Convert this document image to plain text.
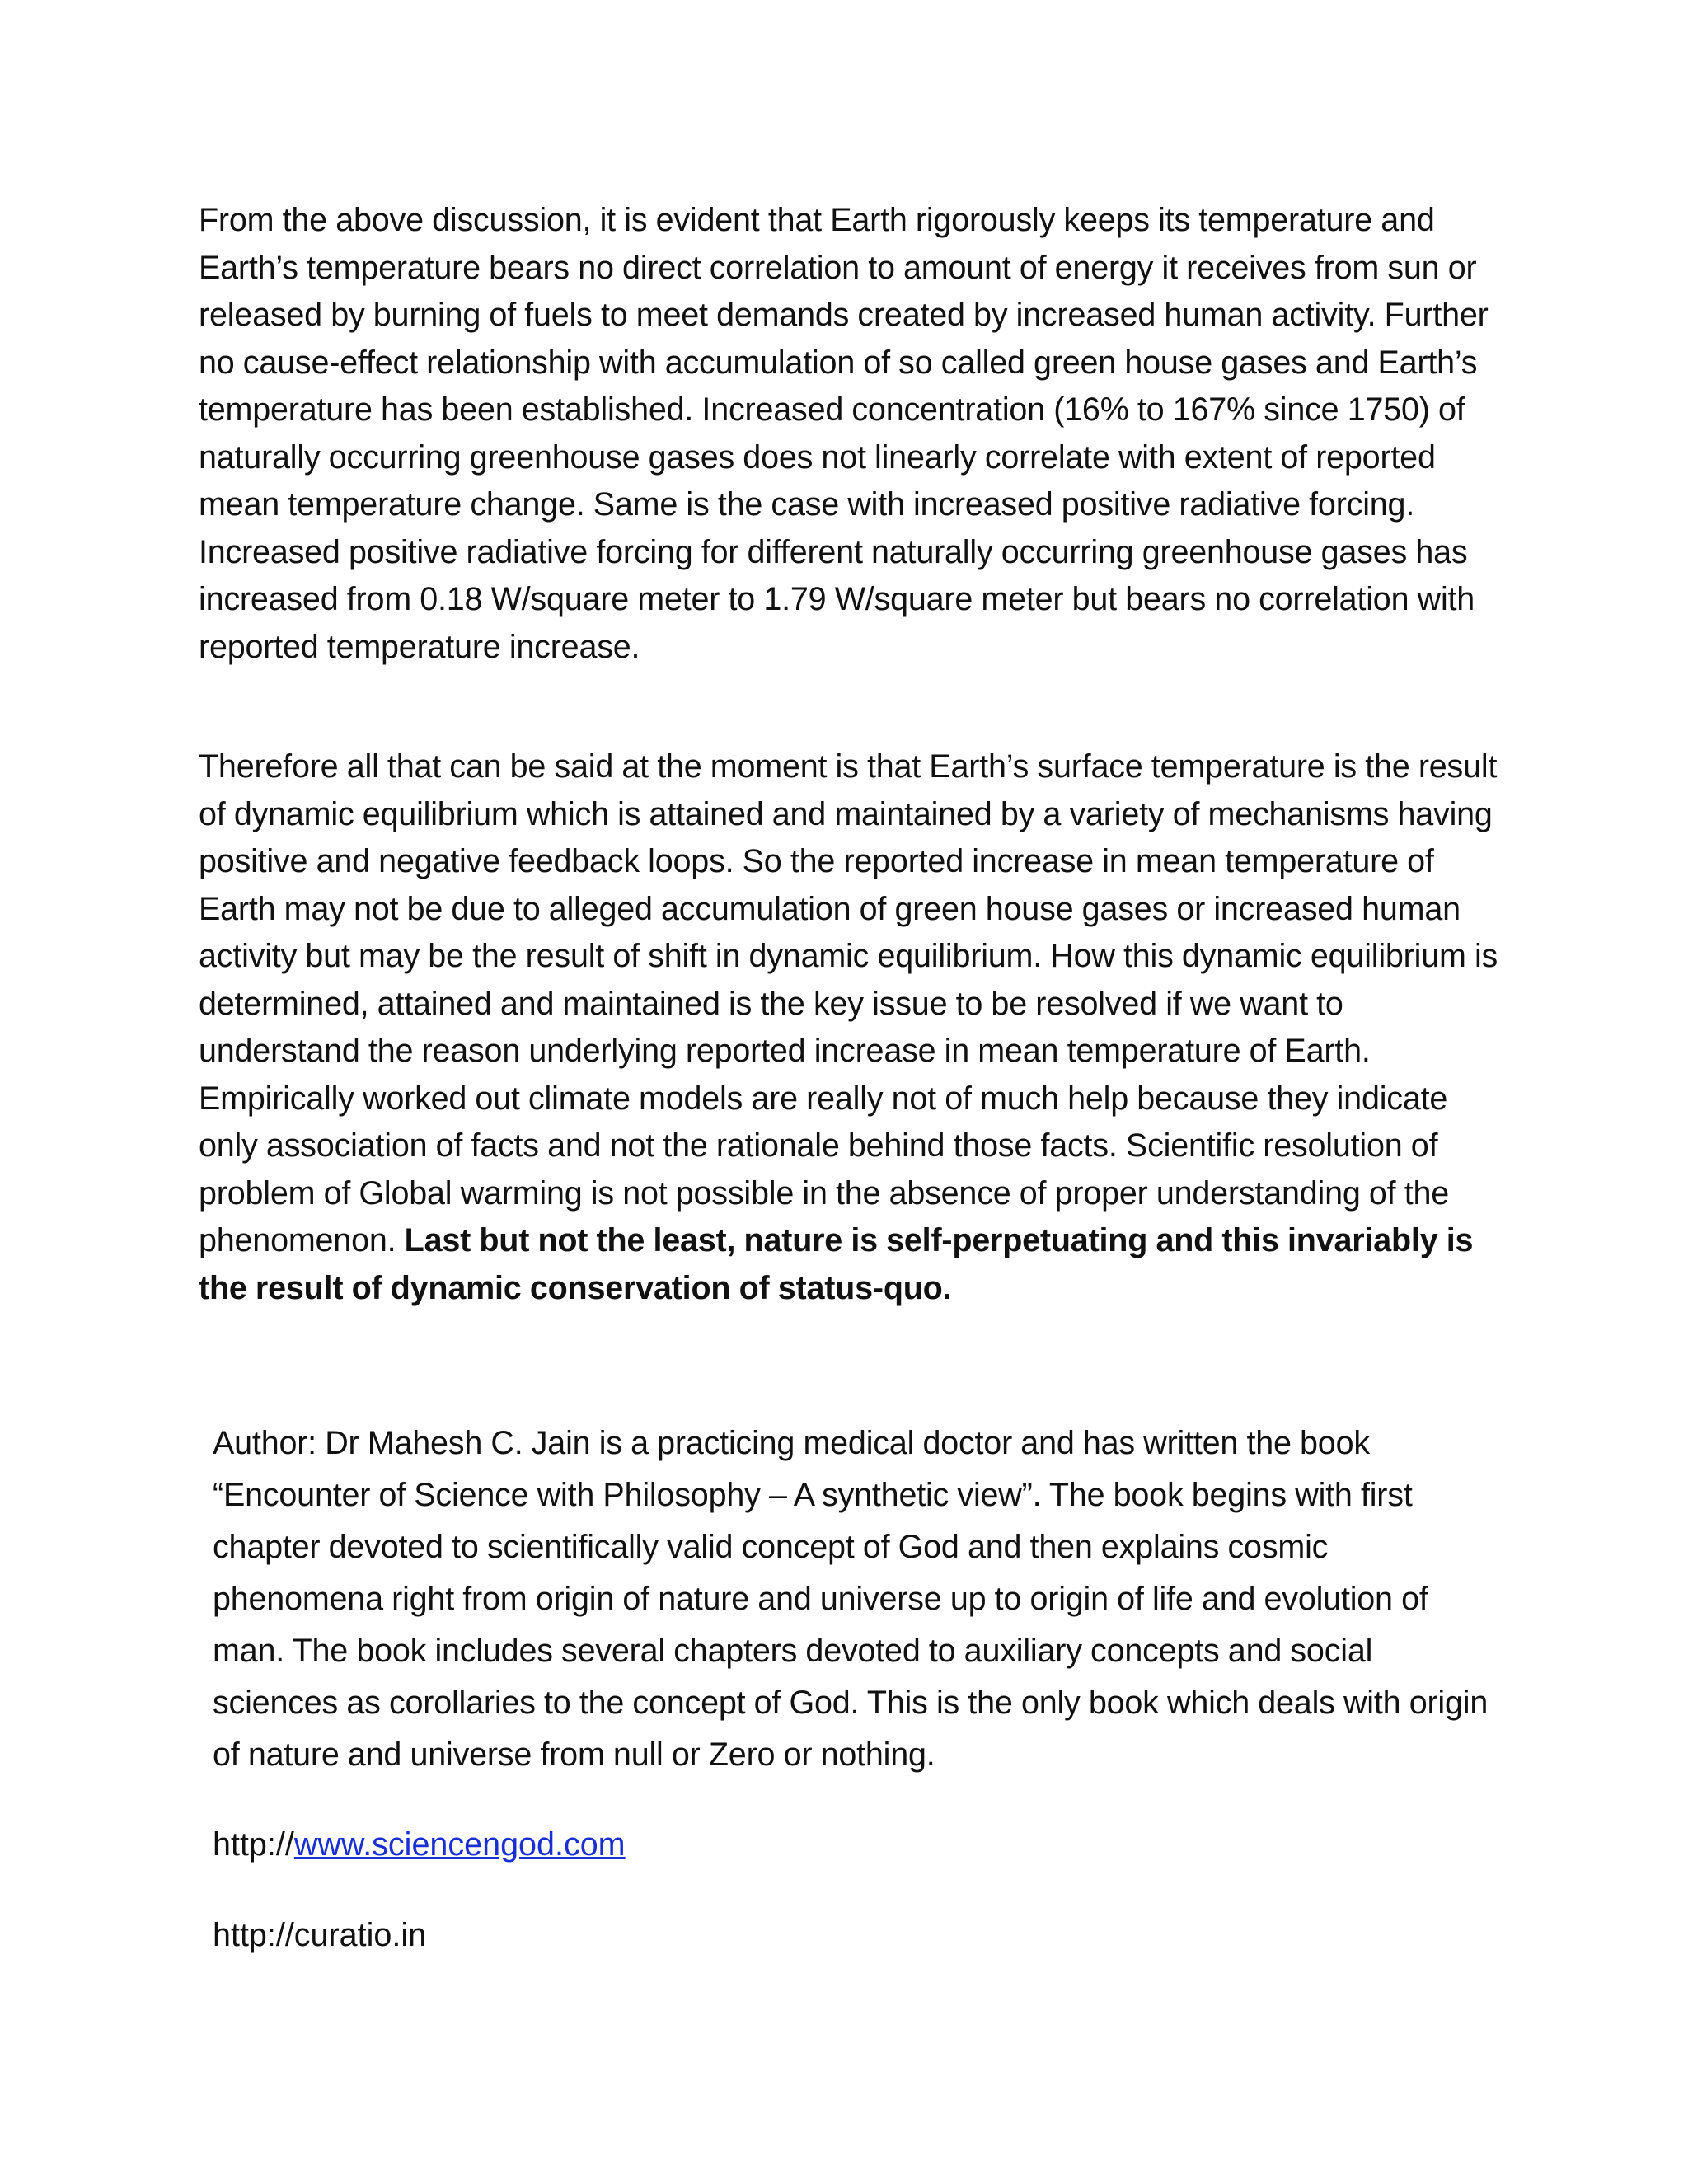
From the above discussion, it is evident that Earth rigorously keeps its temperature and Earth’s temperature bears no direct correlation to amount of energy it receives from sun or released by burning of fuels to meet demands created by increased human activity. Further no cause-effect relationship with accumulation of so called green house gases and Earth’s temperature has been established. Increased concentration (16% to 167% since 1750) of naturally occurring greenhouse gases does not linearly correlate with extent of reported mean temperature change. Same is the case with increased positive radiative forcing. Increased positive radiative forcing for different naturally occurring greenhouse gases has increased from 0.18 W/square meter to 1.79 W/square meter but bears no correlation with reported temperature increase.

Therefore all that can be said at the moment is that Earth’s surface temperature is the result of dynamic equilibrium which is attained and maintained by a variety of mechanisms having positive and negative feedback loops. So the reported increase in mean temperature of Earth may not be due to alleged accumulation of green house gases or increased human activity but may be the result of shift in dynamic equilibrium. How this dynamic equilibrium is determined, attained and maintained is the key issue to be resolved if we want to understand the reason underlying reported increase in mean temperature of Earth. Empirically worked out climate models are really not of much help because they indicate only association of facts and not the rationale behind those facts. Scientific resolution of problem of Global warming is not possible in the absence of proper understanding of the phenomenon. Last but not the least, nature is self-perpetuating and this invariably is the result of dynamic conservation of status-quo.

Author: Dr Mahesh C. Jain is a practicing medical doctor and has written the book “Encounter of Science with Philosophy – A synthetic view”. The book begins with first chapter devoted to scientifically valid concept of God and then explains cosmic phenomena right from origin of nature and universe up to origin of life and evolution of man. The book includes several chapters devoted to auxiliary concepts and social sciences as corollaries to the concept of God. This is the only book which deals with origin of nature and universe from null or Zero or nothing.

http://www.sciencengod.com

http://curatio.in
